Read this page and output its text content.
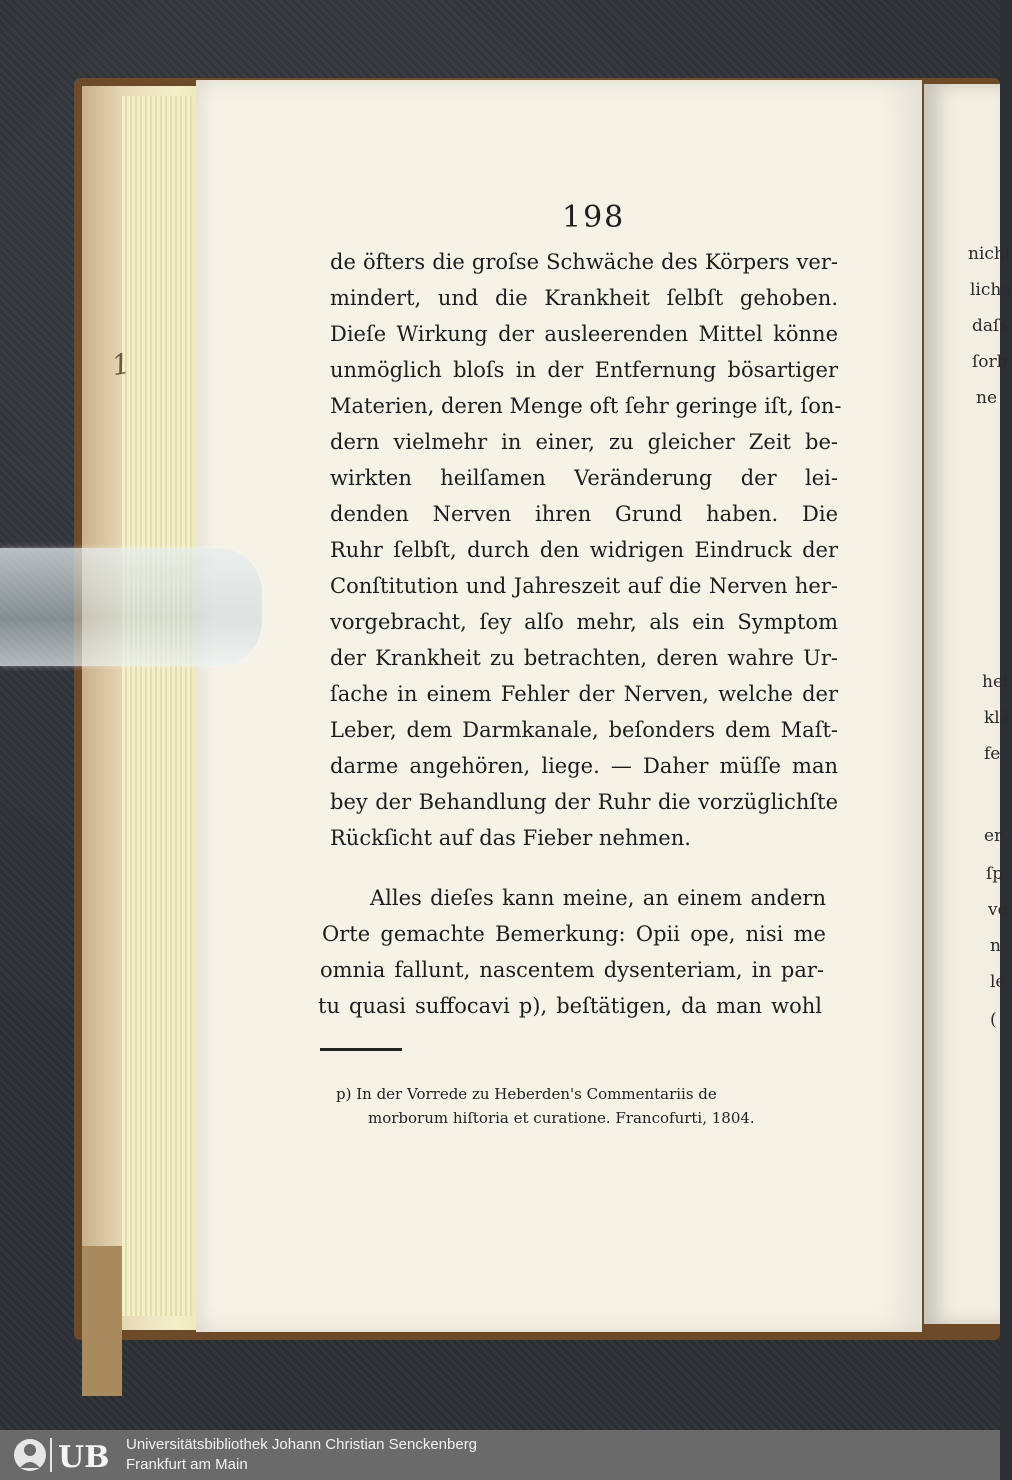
1
nicht
liche
daſs
ſorb
ne
hei
klä
fe
er
ſp
ve
n
le
(
198
de öfters die groſse Schwäche des Körpers ver-
mindert, und die Krankheit ſelbſt gehoben.
Dieſe Wirkung der ausleerenden Mittel könne
unmöglich bloſs in der Entfernung bösartiger
Materien, deren Menge oft ſehr geringe iſt, ſon-
dern vielmehr in einer, zu gleicher Zeit be-
wirkten heilſamen Veränderung der lei-
denden Nerven ihren Grund haben. Die
Ruhr ſelbſt, durch den widrigen Eindruck der
Conſtitution und Jahreszeit auf die Nerven her-
vorgebracht, ſey alſo mehr, als ein Symptom
der Krankheit zu betrachten, deren wahre Ur-
ſache in einem Fehler der Nerven, welche der
Leber, dem Darmkanale, beſonders dem Maſt-
darme angehören, liege. — Daher müſſe man
bey der Behandlung der Ruhr die vorzüglichſte
Rückſicht auf das Fieber nehmen.
Alles dieſes kann meine, an einem andern
Orte gemachte Bemerkung: Opii ope, nisi me
omnia fallunt, nascentem dysenteriam, in par-
tu quasi suffocavi p), beſtätigen, da man wohl
p) In der Vorrede zu Heberden's Commentariis de
morborum hiſtoria et curatione. Francofurti, 1804.
UB Universitätsbibliothek Johann Christian Senckenberg
Frankfurt am Main
